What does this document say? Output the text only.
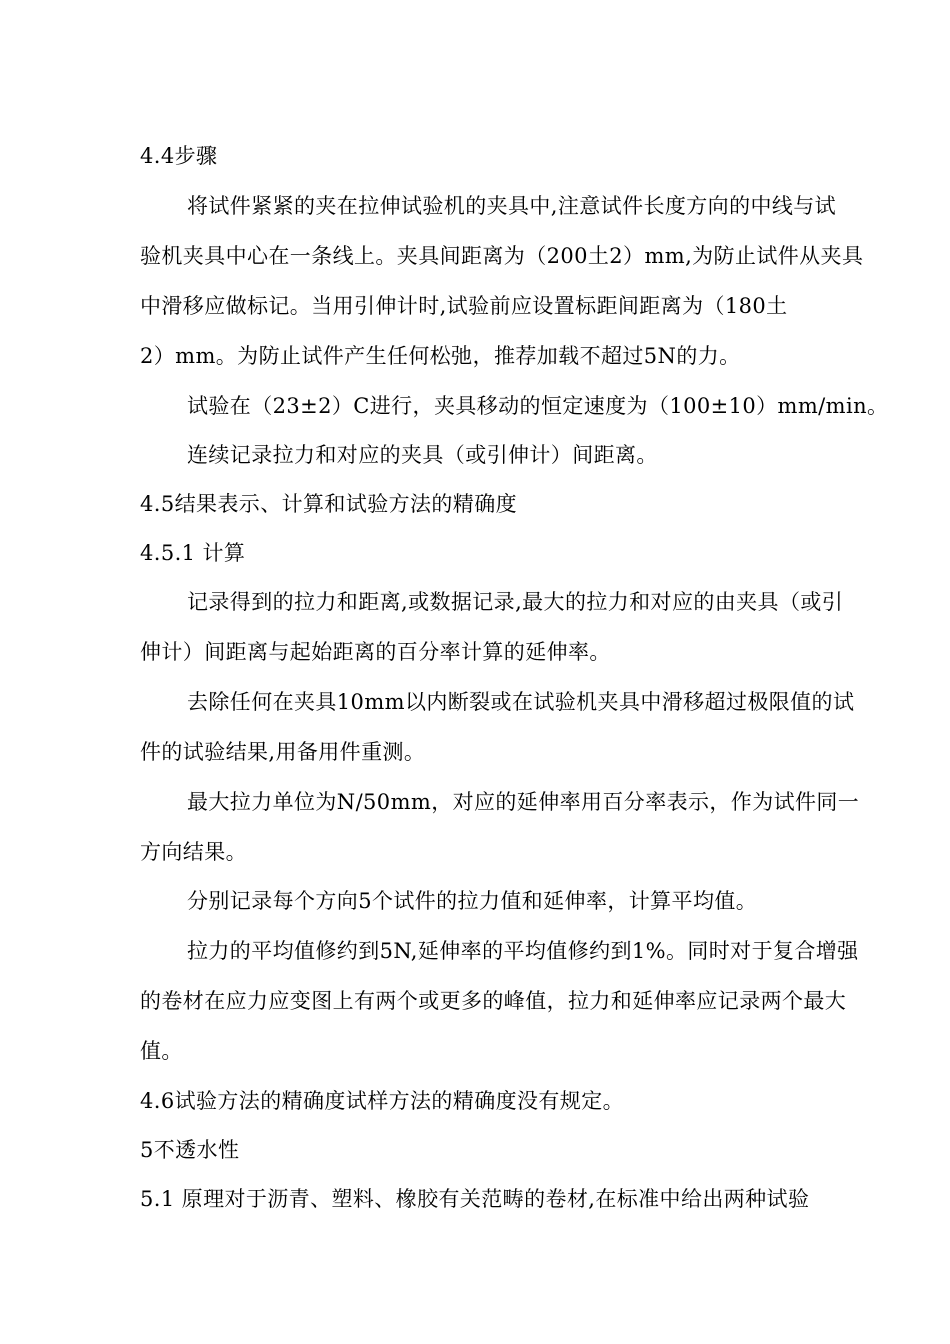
4.4步骤
将试件紧紧的夹在拉伸试验机的夹具中,注意试件长度方向的中线与试
验机夹具中心在一条线上。夹具间距离为（200土2）mm,为防止试件从夹具
中滑移应做标记。当用引伸计时,试验前应设置标距间距离为（180土
2）mm。为防止试件产生任何松弛，推荐加载不超过5N的力。
试验在（23±2）C进行，夹具移动的恒定速度为（100±10）mm/min。
连续记录拉力和对应的夹具（或引伸计）间距离。
4.5结果表示、计算和试验方法的精确度
4.5.1 计算
记录得到的拉力和距离,或数据记录,最大的拉力和对应的由夹具（或引
伸计）间距离与起始距离的百分率计算的延伸率。
去除任何在夹具10mm以内断裂或在试验机夹具中滑移超过极限值的试
件的试验结果,用备用件重测。
最大拉力单位为N/50mm，对应的延伸率用百分率表示，作为试件同一
方向结果。
分别记录每个方向5个试件的拉力值和延伸率，计算平均值。
拉力的平均值修约到5N,延伸率的平均值修约到1%。同时对于复合增强
的卷材在应力应变图上有两个或更多的峰值，拉力和延伸率应记录两个最大
值。
4.6试验方法的精确度试样方法的精确度没有规定。
5不透水性
5.1 原理对于沥青、塑料、橡胶有关范畴的卷材,在标准中给出两种试验
